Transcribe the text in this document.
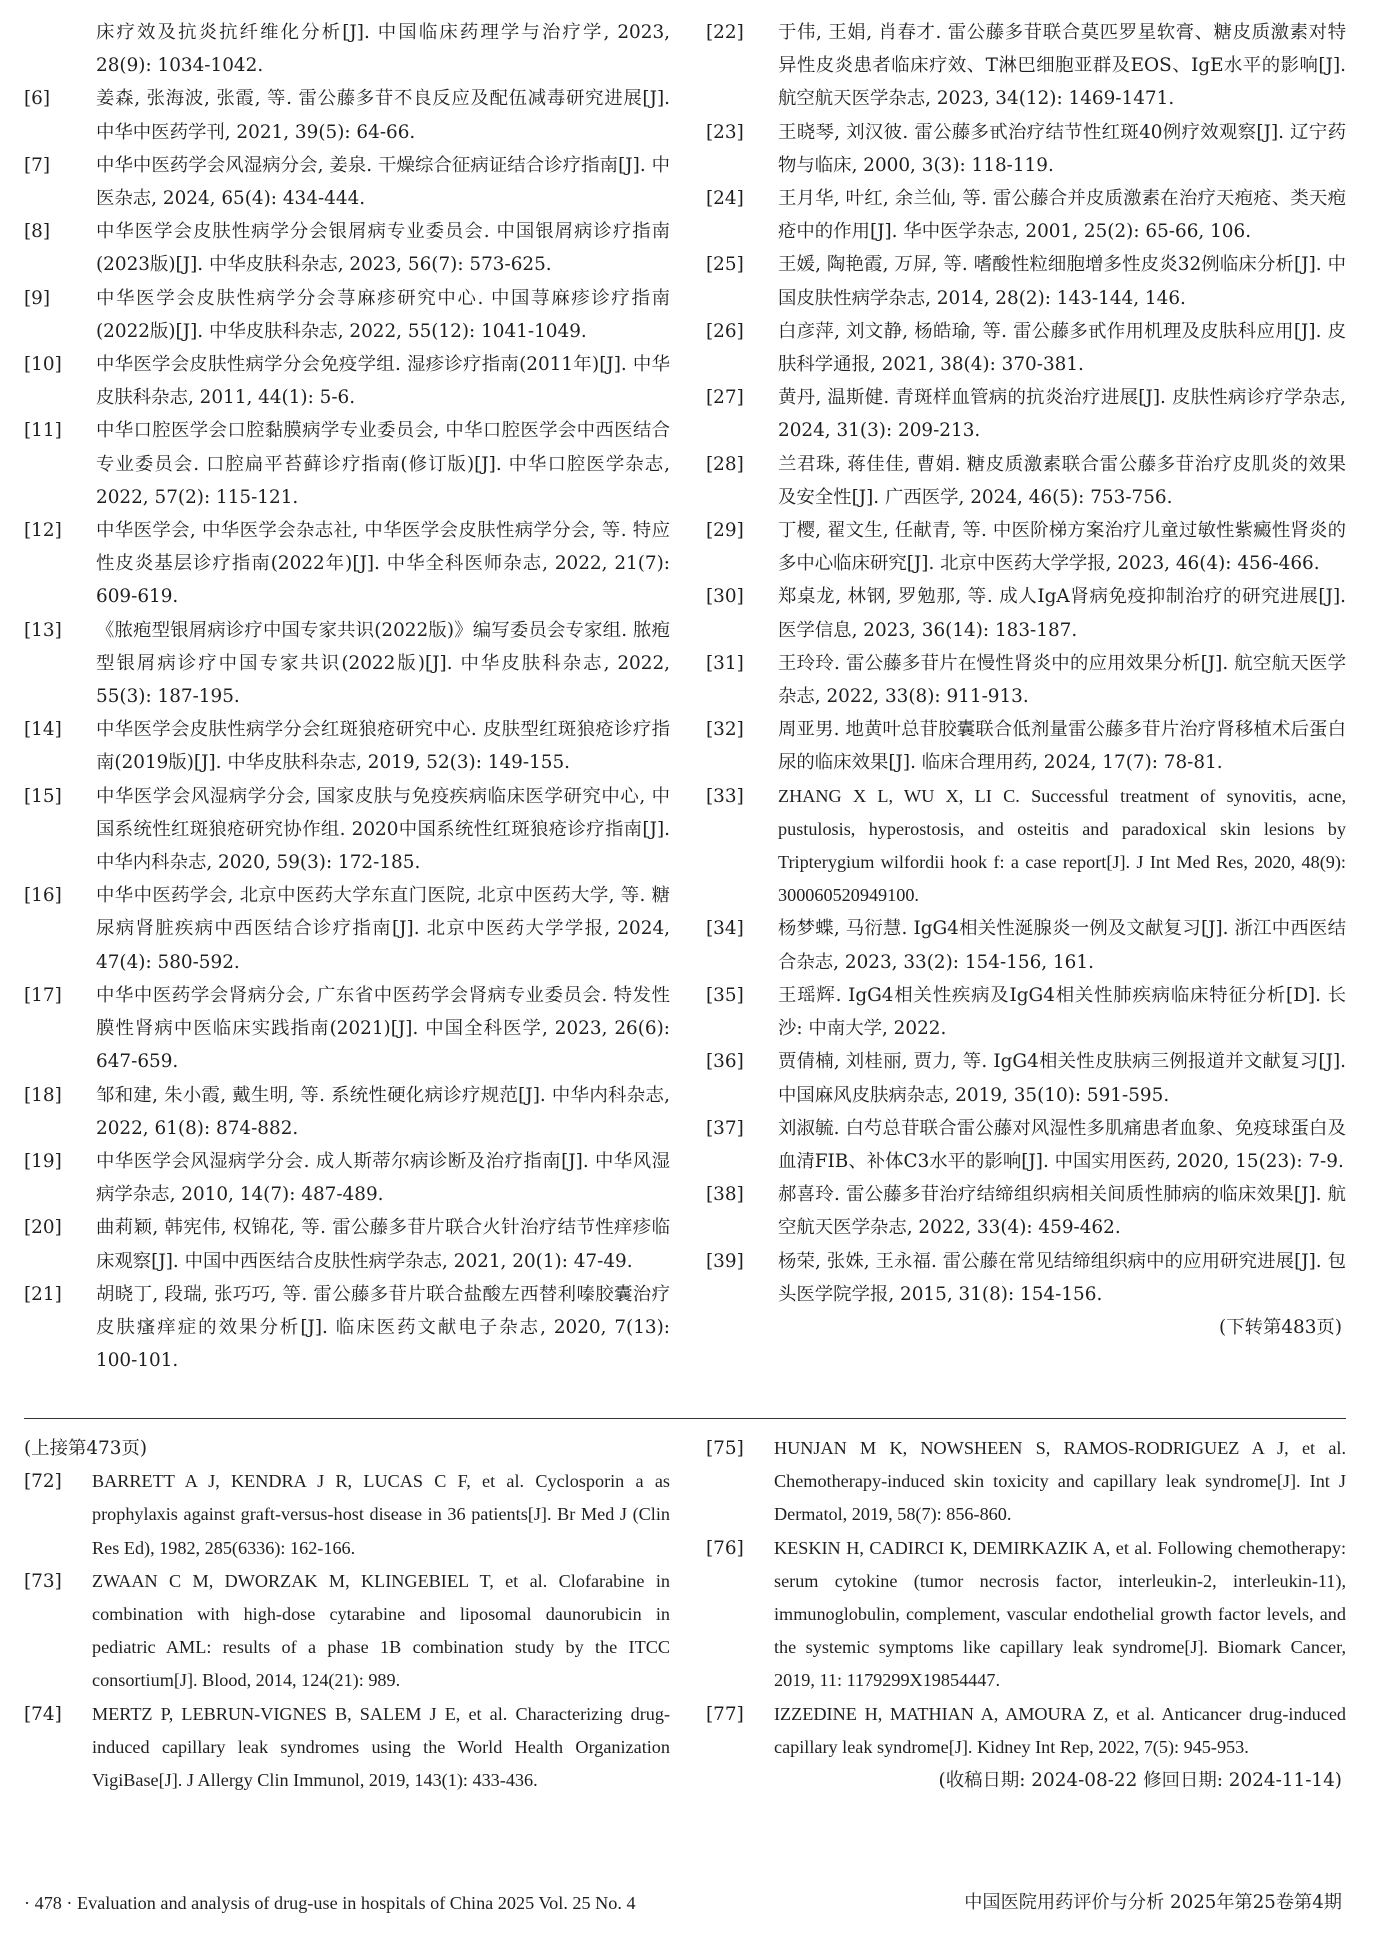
床疗效及抗炎抗纤维化分析[J]. 中国临床药理学与治疗学, 2023, 28(9): 1034-1042.
[6]	姜森, 张海波, 张霞, 等. 雷公藤多苷不良反应及配伍减毒研究进展[J]. 中华中医药学刊, 2021, 39(5): 64-66.
[7]	中华中医药学会风湿病分会, 姜泉. 干燥综合征病证结合诊疗指南[J]. 中医杂志, 2024, 65(4): 434-444.
[8]	中华医学会皮肤性病学分会银屑病专业委员会. 中国银屑病诊疗指南(2023版)[J]. 中华皮肤科杂志, 2023, 56(7): 573-625.
[9]	中华医学会皮肤性病学分会荨麻疹研究中心. 中国荨麻疹诊疗指南(2022版)[J]. 中华皮肤科杂志, 2022, 55(12): 1041-1049.
[10]	中华医学会皮肤性病学分会免疫学组. 湿疹诊疗指南(2011年)[J]. 中华皮肤科杂志, 2011, 44(1): 5-6.
[11]	中华口腔医学会口腔黏膜病学专业委员会, 中华口腔医学会中西医结合专业委员会. 口腔扁平苔藓诊疗指南(修订版)[J]. 中华口腔医学杂志, 2022, 57(2): 115-121.
[12]	中华医学会, 中华医学会杂志社, 中华医学会皮肤性病学分会, 等. 特应性皮炎基层诊疗指南(2022年)[J]. 中华全科医师杂志, 2022, 21(7): 609-619.
[13]	《脓疱型银屑病诊疗中国专家共识(2022版)》编写委员会专家组. 脓疱型银屑病诊疗中国专家共识(2022版)[J]. 中华皮肤科杂志, 2022, 55(3): 187-195.
[14]	中华医学会皮肤性病学分会红斑狼疮研究中心. 皮肤型红斑狼疮诊疗指南(2019版)[J]. 中华皮肤科杂志, 2019, 52(3): 149-155.
[15]	中华医学会风湿病学分会, 国家皮肤与免疫疾病临床医学研究中心, 中国系统性红斑狼疮研究协作组. 2020中国系统性红斑狼疮诊疗指南[J]. 中华内科杂志, 2020, 59(3): 172-185.
[16]	中华中医药学会, 北京中医药大学东直门医院, 北京中医药大学, 等. 糖尿病肾脏疾病中西医结合诊疗指南[J]. 北京中医药大学学报, 2024, 47(4): 580-592.
[17]	中华中医药学会肾病分会, 广东省中医药学会肾病专业委员会. 特发性膜性肾病中医临床实践指南(2021)[J]. 中国全科医学, 2023, 26(6): 647-659.
[18]	邹和建, 朱小霞, 戴生明, 等. 系统性硬化病诊疗规范[J]. 中华内科杂志, 2022, 61(8): 874-882.
[19]	中华医学会风湿病学分会. 成人斯蒂尔病诊断及治疗指南[J]. 中华风湿病学杂志, 2010, 14(7): 487-489.
[20]	曲莉颖, 韩宪伟, 权锦花, 等. 雷公藤多苷片联合火针治疗结节性痒疹临床观察[J]. 中国中西医结合皮肤性病学杂志, 2021, 20(1): 47-49.
[21]	胡晓丁, 段瑞, 张巧巧, 等. 雷公藤多苷片联合盐酸左西替利嗪胶囊治疗皮肤瘙痒症的效果分析[J]. 临床医药文献电子杂志, 2020, 7(13): 100-101.
[22]	于伟, 王娟, 肖春才. 雷公藤多苷联合莫匹罗星软膏、糖皮质激素对特异性皮炎患者临床疗效、T淋巴细胞亚群及EOS、IgE水平的影响[J]. 航空航天医学杂志, 2023, 34(12): 1469-1471.
[23]	王晓琴, 刘汉彼. 雷公藤多甙治疗结节性红斑40例疗效观察[J]. 辽宁药物与临床, 2000, 3(3): 118-119.
[24]	王月华, 叶红, 余兰仙, 等. 雷公藤合并皮质激素在治疗天疱疮、类天疱疮中的作用[J]. 华中医学杂志, 2001, 25(2): 65-66, 106.
[25]	王媛, 陶艳霞, 万屏, 等. 嗜酸性粒细胞增多性皮炎32例临床分析[J]. 中国皮肤性病学杂志, 2014, 28(2): 143-144, 146.
[26]	白彦萍, 刘文静, 杨皓瑜, 等. 雷公藤多甙作用机理及皮肤科应用[J]. 皮肤科学通报, 2021, 38(4): 370-381.
[27]	黄丹, 温斯健. 青斑样血管病的抗炎治疗进展[J]. 皮肤性病诊疗学杂志, 2024, 31(3): 209-213.
[28]	兰君珠, 蒋佳佳, 曹娟. 糖皮质激素联合雷公藤多苷治疗皮肌炎的效果及安全性[J]. 广西医学, 2024, 46(5): 753-756.
[29]	丁樱, 翟文生, 任献青, 等. 中医阶梯方案治疗儿童过敏性紫癜性肾炎的多中心临床研究[J]. 北京中医药大学学报, 2023, 46(4): 456-466.
[30]	郑桌龙, 林钢, 罗勉那, 等. 成人IgA肾病免疫抑制治疗的研究进展[J]. 医学信息, 2023, 36(14): 183-187.
[31]	王玲玲. 雷公藤多苷片在慢性肾炎中的应用效果分析[J]. 航空航天医学杂志, 2022, 33(8): 911-913.
[32]	周亚男. 地黄叶总苷胶囊联合低剂量雷公藤多苷片治疗肾移植术后蛋白尿的临床效果[J]. 临床合理用药, 2024, 17(7): 78-81.
[33]	ZHANG X L, WU X, LI C. Successful treatment of synovitis, acne, pustulosis, hyperostosis, and osteitis and paradoxical skin lesions by Tripterygium wilfordii hook f: a case report[J]. J Int Med Res, 2020, 48(9): 300060520949100.
[34]	杨梦蝶, 马衍慧. IgG4相关性涎腺炎一例及文献复习[J]. 浙江中西医结合杂志, 2023, 33(2): 154-156, 161.
[35]	王瑶辉. IgG4相关性疾病及IgG4相关性肺疾病临床特征分析[D]. 长沙: 中南大学, 2022.
[36]	贾倩楠, 刘桂丽, 贾力, 等. IgG4相关性皮肤病三例报道并文献复习[J]. 中国麻风皮肤病杂志, 2019, 35(10): 591-595.
[37]	刘淑毓. 白芍总苷联合雷公藤对风湿性多肌痛患者血象、免疫球蛋白及血清FIB、补体C3水平的影响[J]. 中国实用医药, 2020, 15(23): 7-9.
[38]	郝喜玲. 雷公藤多苷治疗结缔组织病相关间质性肺病的临床效果[J]. 航空航天医学杂志, 2022, 33(4): 459-462.
[39]	杨荣, 张姝, 王永福. 雷公藤在常见结缔组织病中的应用研究进展[J]. 包头医学院学报, 2015, 31(8): 154-156.
(下转第483页)
(上接第473页)
[72]	BARRETT A J, KENDRA J R, LUCAS C F, et al. Cyclosporin a as prophylaxis against graft-versus-host disease in 36 patients[J]. Br Med J (Clin Res Ed), 1982, 285(6336): 162-166.
[73]	ZWAAN C M, DWORZAK M, KLINGEBIEL T, et al. Clofarabine in combination with high-dose cytarabine and liposomal daunorubicin in pediatric AML: results of a phase 1B combination study by the ITCC consortium[J]. Blood, 2014, 124(21): 989.
[74]	MERTZ P, LEBRUN-VIGNES B, SALEM J E, et al. Characterizing drug-induced capillary leak syndromes using the World Health Organization VigiBase[J]. J Allergy Clin Immunol, 2019, 143(1): 433-436.
[75]	HUNJAN M K, NOWSHEEN S, RAMOS-RODRIGUEZ A J, et al. Chemotherapy-induced skin toxicity and capillary leak syndrome[J]. Int J Dermatol, 2019, 58(7): 856-860.
[76]	KESKIN H, CADIRCI K, DEMIRKAZIK A, et al. Following chemotherapy: serum cytokine (tumor necrosis factor, interleukin-2, interleukin-11), immunoglobulin, complement, vascular endothelial growth factor levels, and the systemic symptoms like capillary leak syndrome[J]. Biomark Cancer, 2019, 11: 1179299X19854447.
[77]	IZZEDINE H, MATHIAN A, AMOURA Z, et al. Anticancer drug-induced capillary leak syndrome[J]. Kidney Int Rep, 2022, 7(5): 945-953.
(收稿日期: 2024-08-22 修回日期: 2024-11-14)
· 478 · Evaluation and analysis of drug-use in hospitals of China 2025 Vol. 25 No. 4	中国医院用药评价与分析 2025年第25卷第4期
